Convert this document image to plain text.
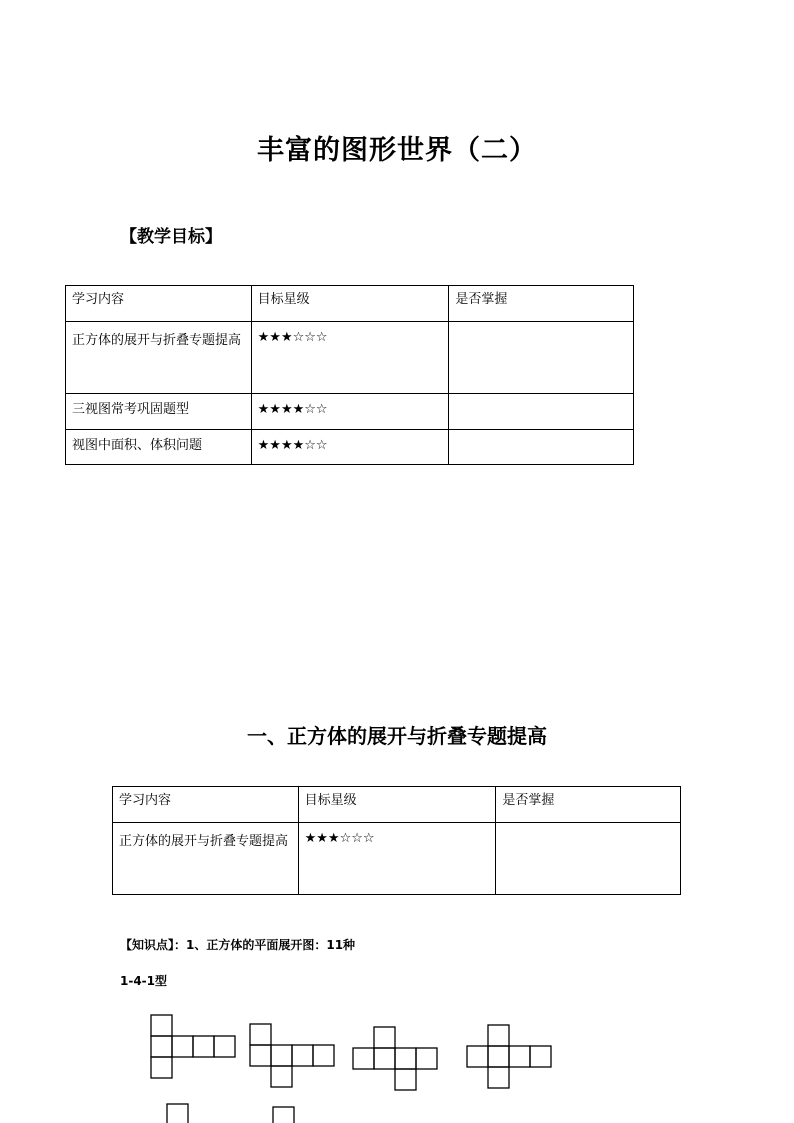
丰富的图形世界（二）
【教学目标】
学习内容	目标星级	是否掌握
正方体的展开与折叠专题提高	★★★☆☆☆	
三视图常考巩固题型	★★★★☆☆	
视图中面积、体积问题	★★★★☆☆	
一、正方体的展开与折叠专题提高
学习内容	目标星级	是否掌握
正方体的展开与折叠专题提高	★★★☆☆☆	
【知识点】：1、正方体的平面展开图：11种
1-4-1型
